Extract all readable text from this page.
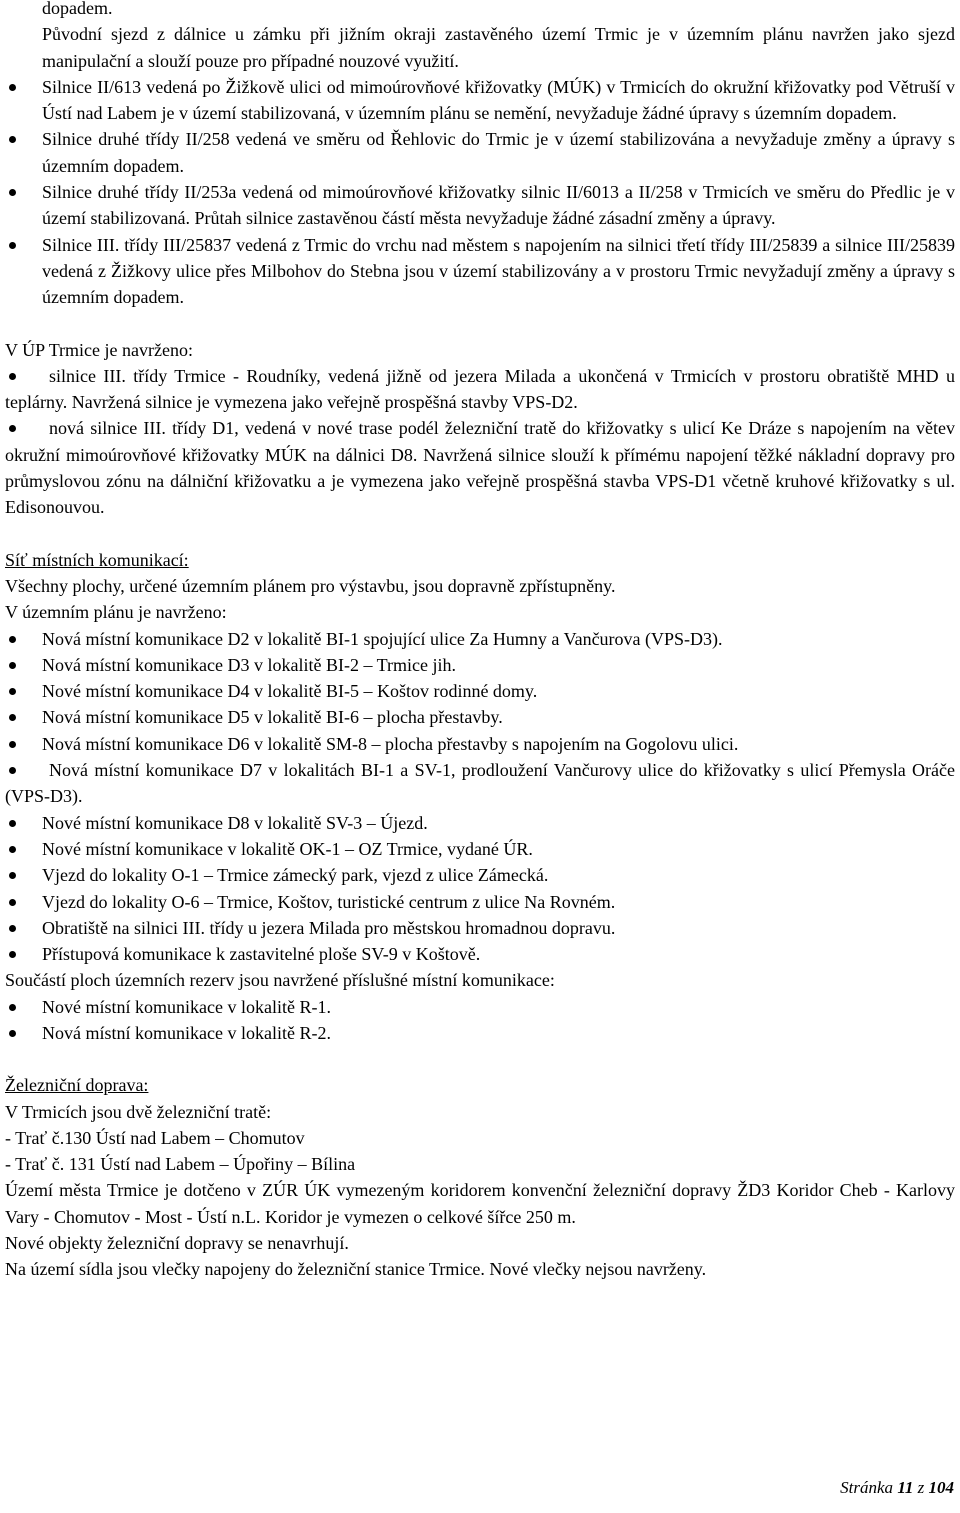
dopadem.

Původní sjezd z dálnice u zámku při jižním okraji zastavěného území Trmic je v územním plánu navržen jako sjezd manipulační a slouží pouze pro případné nouzové využití.

Silnice II/613 vedená po Žižkově ulici od mimoúrovňové křižovatky (MÚK) v Trmicích do okružní křižovatky pod Větruší v Ústí nad Labem je v území stabilizovaná, v územním plánu se nemění, nevyžaduje žádné úpravy s územním dopadem.

Silnice druhé třídy II/258 vedená ve směru od Řehlovic do Trmic je v území stabilizována a nevyžaduje změny a úpravy s územním dopadem.

Silnice druhé třídy II/253a vedená od mimoúrovňové křižovatky silnic II/6013 a II/258 v Trmicích ve směru do Předlic je v území stabilizovaná. Průtah silnice zastavěnou částí města nevyžaduje žádné zásadní změny a úpravy.

Silnice III. třídy III/25837 vedená z Trmic do vrchu nad městem s napojením na silnici třetí třídy III/25839 a silnice III/25839 vedená z Žižkovy ulice přes Milbohov do Stebna jsou v území stabilizovány a v prostoru Trmic nevyžadují změny a úpravy s územním dopadem.

V ÚP Trmice je navrženo:

silnice III. třídy Trmice - Roudníky, vedená jižně od jezera Milada a ukončená v Trmicích v prostoru obratiště MHD u teplárny. Navržená silnice je vymezena jako veřejně prospěšná stavby VPS-D2.

nová silnice III. třídy D1, vedená v nové trase podél železniční tratě do křižovatky s ulicí Ke Dráze s napojením na větev okružní mimoúrovňové křižovatky MÚK na dálnici D8. Navržená silnice slouží k přímému napojení těžké nákladní dopravy pro průmyslovou zónu na dálniční křižovatku a je vymezena jako veřejně prospěšná stavba VPS-D1 včetně kruhové křižovatky s ul. Edisonouvou.

Síť místních komunikací:

Všechny plochy, určené územním plánem pro výstavbu, jsou dopravně zpřístupněny.

V územním plánu je navrženo:

Nová místní komunikace D2 v lokalitě BI-1 spojující ulice Za Humny a Vančurova (VPS-D3).

Nová místní komunikace D3 v lokalitě BI-2 – Trmice jih.

Nové místní komunikace D4 v lokalitě BI-5 – Koštov rodinné domy.

Nová místní komunikace D5 v lokalitě BI-6 – plocha přestavby.

Nová místní komunikace D6 v lokalitě SM-8 – plocha přestavby s napojením na Gogolovu ulici.

Nová místní komunikace D7 v lokalitách BI-1 a SV-1, prodloužení Vančurovy ulice do křižovatky s ulicí Přemysla Oráče (VPS-D3).

Nové místní komunikace D8 v lokalitě SV-3 – Újezd.

Nové místní komunikace v lokalitě OK-1 – OZ Trmice, vydané ÚR.

Vjezd do lokality O-1 – Trmice zámecký park, vjezd z ulice Zámecká.

Vjezd do lokality O-6 – Trmice, Koštov, turistické centrum z ulice Na Rovném.

Obratiště na silnici III. třídy u jezera Milada pro městskou hromadnou dopravu.

Přístupová komunikace k zastavitelné ploše SV-9 v Koštově.

Součástí ploch územních rezerv jsou navržené příslušné místní komunikace:

Nové místní komunikace v lokalitě R-1.

Nová místní komunikace v lokalitě R-2.

Železniční doprava:

V Trmicích jsou dvě železniční tratě:

- Trať č.130 Ústí nad Labem – Chomutov

- Trať č. 131 Ústí nad Labem – Úpořiny – Bílina

Území města Trmice je dotčeno v ZÚR ÚK vymezeným koridorem konvenční železniční dopravy ŽD3 Koridor Cheb - Karlovy Vary - Chomutov - Most - Ústí n.L. Koridor je vymezen o celkové šířce 250 m.

Nové objekty železniční dopravy se nenavrhují.

Na území sídla jsou vlečky napojeny do železniční stanice Trmice. Nové vlečky nejsou navrženy.

Stránka 11 z 104
